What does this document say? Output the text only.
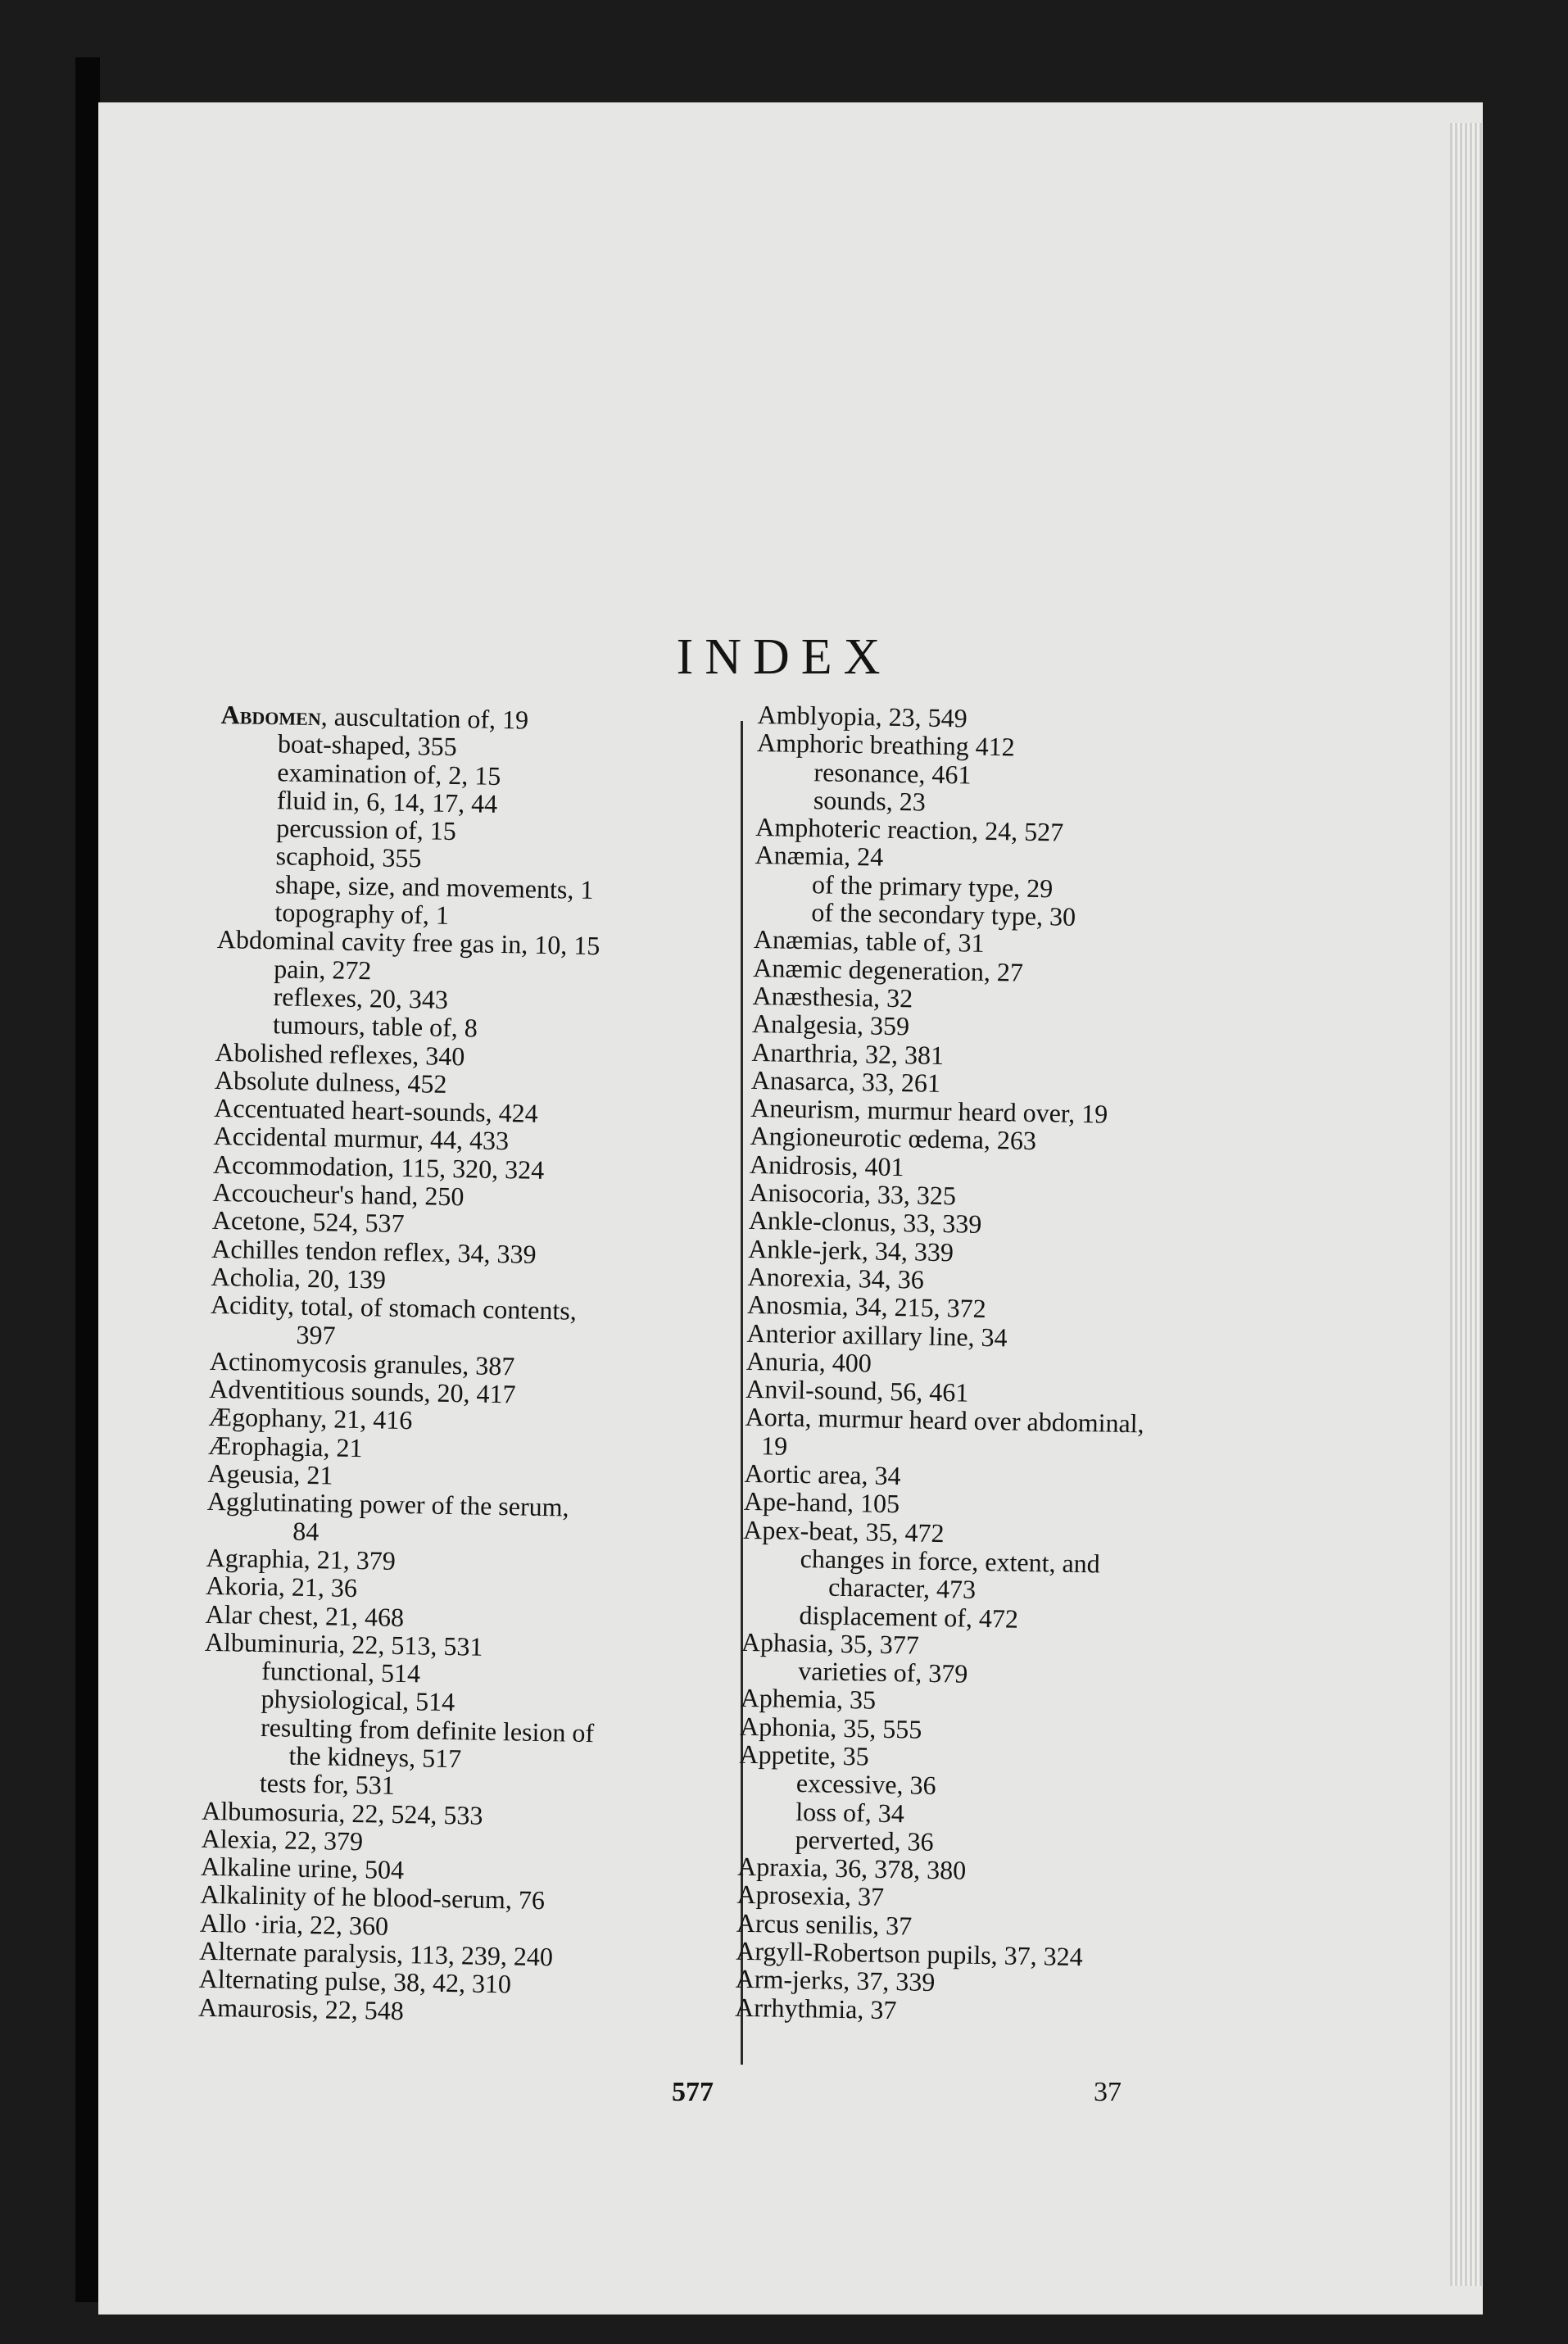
INDEX
Abdomen, auscultation of, 19
boat-shaped, 355
examination of, 2, 15
fluid in, 6, 14, 17, 44
percussion of, 15
scaphoid, 355
shape, size, and movements, 1
topography of, 1
Abdominal cavity free gas in, 10, 15
pain, 272
reflexes, 20, 343
tumours, table of, 8
Abolished reflexes, 340
Absolute dulness, 452
Accentuated heart-sounds, 424
Accidental murmur, 44, 433
Accommodation, 115, 320, 324
Accoucheur's hand, 250
Acetone, 524, 537
Achilles tendon reflex, 34, 339
Acholia, 20, 139
Acidity, total, of stomach contents,
397
Actinomycosis granules, 387
Adventitious sounds, 20, 417
Ægophany, 21, 416
Ærophagia, 21
Ageusia, 21
Agglutinating power of the serum,
84
Agraphia, 21, 379
Akoria, 21, 36
Alar chest, 21, 468
Albuminuria, 22, 513, 531
functional, 514
physiological, 514
resulting from definite lesion of
the kidneys, 517
tests for, 531
Albumosuria, 22, 524, 533
Alexia, 22, 379
Alkaline urine, 504
Alkalinity of he blood-serum, 76
Allo ·iria, 22, 360
Alternate paralysis, 113, 239, 240
Alternating pulse, 38, 42, 310
Amaurosis, 22, 548
Amblyopia, 23, 549
Amphoric breathing 412
resonance, 461
sounds, 23
Amphoteric reaction, 24, 527
Anæmia, 24
of the primary type, 29
of the secondary type, 30
Anæmias, table of, 31
Anæmic degeneration, 27
Anæsthesia, 32
Analgesia, 359
Anarthria, 32, 381
Anasarca, 33, 261
Aneurism, murmur heard over, 19
Angioneurotic œdema, 263
Anidrosis, 401
Anisocoria, 33, 325
Ankle-clonus, 33, 339
Ankle-jerk, 34, 339
Anorexia, 34, 36
Anosmia, 34, 215, 372
Anterior axillary line, 34
Anuria, 400
Anvil-sound, 56, 461
Aorta, murmur heard over abdominal,
19
Aortic area, 34
Ape-hand, 105
Apex-beat, 35, 472
changes in force, extent, and
character, 473
displacement of, 472
Aphasia, 35, 377
varieties of, 379
Aphemia, 35
Aphonia, 35, 555
Appetite, 35
excessive, 36
loss of, 34
perverted, 36
Apraxia, 36, 378, 380
Aprosexia, 37
Arcus senilis, 37
Argyll-Robertson pupils, 37, 324
Arm-jerks, 37, 339
Arrhythmia, 37
577	37
